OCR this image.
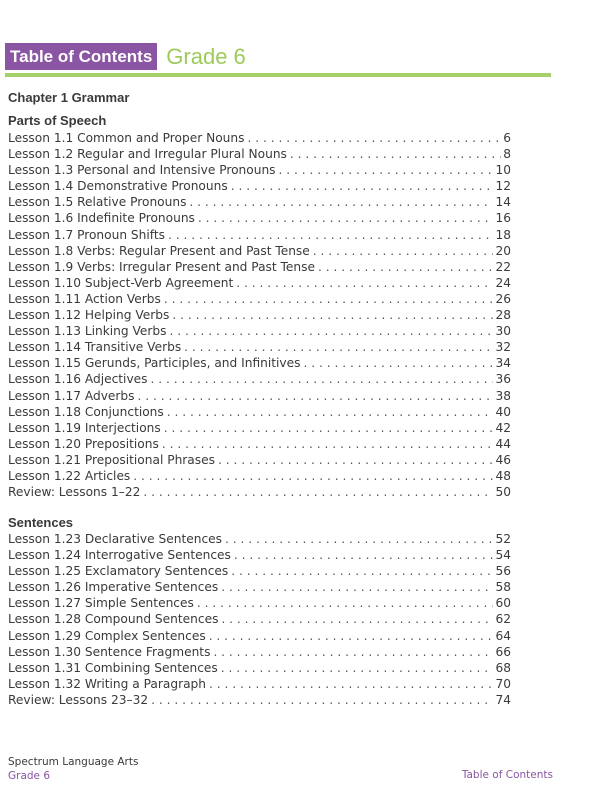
Table of Contents Grade 6
Chapter 1 Grammar
Parts of Speech
Lesson 1.1 Common and Proper Nouns . . .	6
Lesson 1.2 Regular and Irregular Plural Nouns . . .	8
Lesson 1.3 Personal and Intensive Pronouns . . .	10
Lesson 1.4 Demonstrative Pronouns . . .	12
Lesson 1.5 Relative Pronouns . . .	14
Lesson 1.6 Indefinite Pronouns . . .	16
Lesson 1.7 Pronoun Shifts . . .	18
Lesson 1.8 Verbs: Regular Present and Past Tense . . .	20
Lesson 1.9 Verbs: Irregular Present and Past Tense . . .	22
Lesson 1.10 Subject-Verb Agreement . . .	24
Lesson 1.11 Action Verbs . . .	26
Lesson 1.12 Helping Verbs . . .	28
Lesson 1.13 Linking Verbs . . .	30
Lesson 1.14 Transitive Verbs . . .	32
Lesson 1.15 Gerunds, Participles, and Infinitives . . .	34
Lesson 1.16 Adjectives . . .	36
Lesson 1.17 Adverbs . . .	38
Lesson 1.18 Conjunctions . . .	40
Lesson 1.19 Interjections . . .	42
Lesson 1.20 Prepositions . . .	44
Lesson 1.21 Prepositional Phrases . . .	46
Lesson 1.22 Articles . . .	48
Review: Lessons 1–22 . . .	50
Sentences
Lesson 1.23 Declarative Sentences . . .	52
Lesson 1.24 Interrogative Sentences . . .	54
Lesson 1.25 Exclamatory Sentences . . .	56
Lesson 1.26 Imperative Sentences . . .	58
Lesson 1.27 Simple Sentences . . .	60
Lesson 1.28 Compound Sentences . . .	62
Lesson 1.29 Complex Sentences . . .	64
Lesson 1.30 Sentence Fragments . . .	66
Lesson 1.31 Combining Sentences . . .	68
Lesson 1.32 Writing a Paragraph . . .	70
Review: Lessons 23–32 . . .	74
Spectrum Language Arts
Grade 6	Table of Contents
